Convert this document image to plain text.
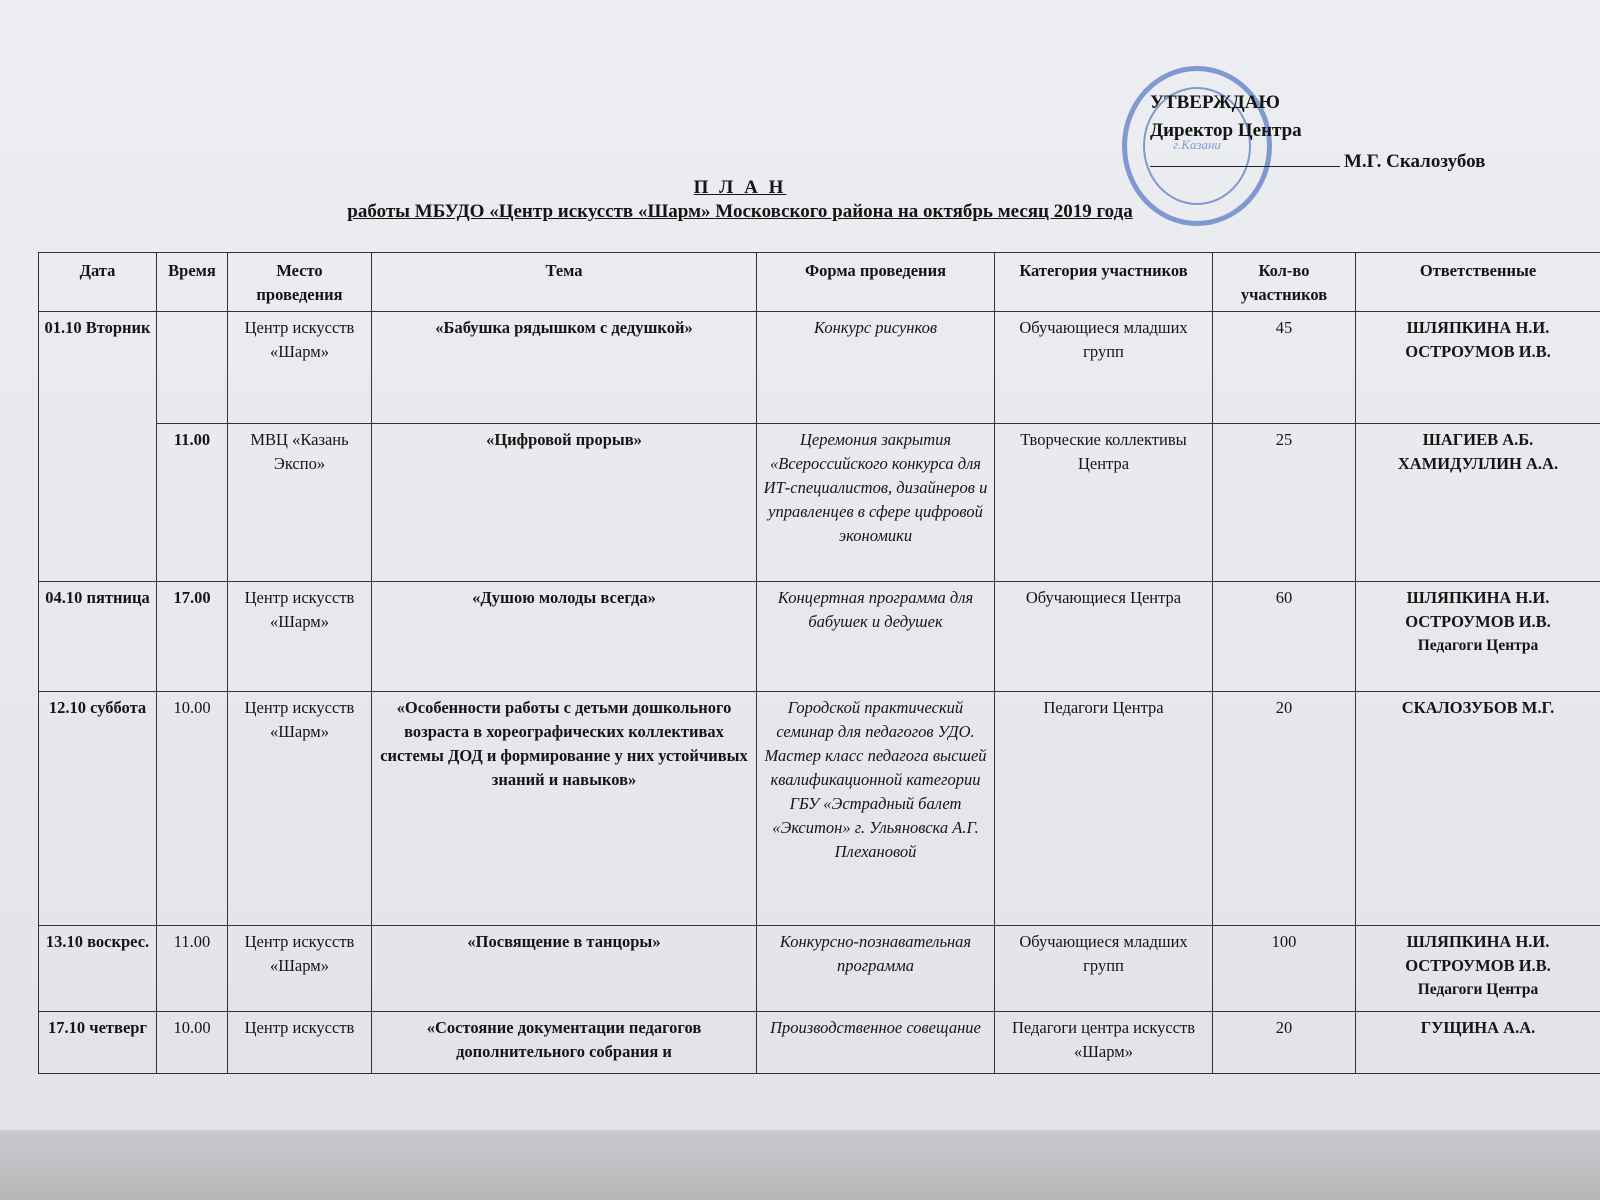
г.Казани
УТВЕРЖДАЮ
Директор Центра
М.Г. Скалозубов
П Л А Н
работы МБУДО «Центр искусств «Шарм» Московского района на октябрь месяц 2019 года
Дата	Время	Место проведения	Тема	Форма проведения	Категория участников	Кол-во участников	Ответственные
01.10 Вторник		Центр искусств «Шарм»	«Бабушка рядышком с дедушкой»	Конкурс рисунков	Обучающиеся младших групп	45	ШЛЯПКИНА Н.И.
ОСТРОУМОВ И.В.
	11.00	МВЦ «Казань Экспо»	«Цифровой прорыв»	Церемония закрытия «Всероссийского конкурса для ИТ-специалистов, дизайнеров и управленцев в сфере цифровой экономики	Творческие коллективы Центра	25	ШАГИЕВ А.Б.
ХАМИДУЛЛИН А.А.
04.10 пятница	17.00	Центр искусств «Шарм»	«Душою молоды всегда»	Концертная программа для бабушек и дедушек	Обучающиеся Центра	60	ШЛЯПКИНА Н.И.
ОСТРОУМОВ И.В.

Педагоги Центра

12.10 суббота	10.00	Центр искусств «Шарм»	«Особенности работы с детьми дошкольного возраста в хореографических коллективах системы ДОД и формирование у них устойчивых знаний и навыков»	Городской практический семинар для педагогов УДО. Мастер класс педагога высшей квалификационной категории ГБУ «Эстрадный балет «Экситон» г. Ульяновска А.Г. Плехановой	Педагоги Центра	20	СКАЛОЗУБОВ М.Г.
13.10 воскрес.	11.00	Центр искусств «Шарм»	«Посвящение в танцоры»	Конкурсно-познавательная программа	Обучающиеся младших групп	100	ШЛЯПКИНА Н.И.
ОСТРОУМОВ И.В.

Педагоги Центра

17.10 четверг	10.00	Центр искусств	«Состояние документации педагогов дополнительного собрания и	Производственное совещание	Педагоги центра искусств «Шарм»	20	ГУЩИНА А.А.
